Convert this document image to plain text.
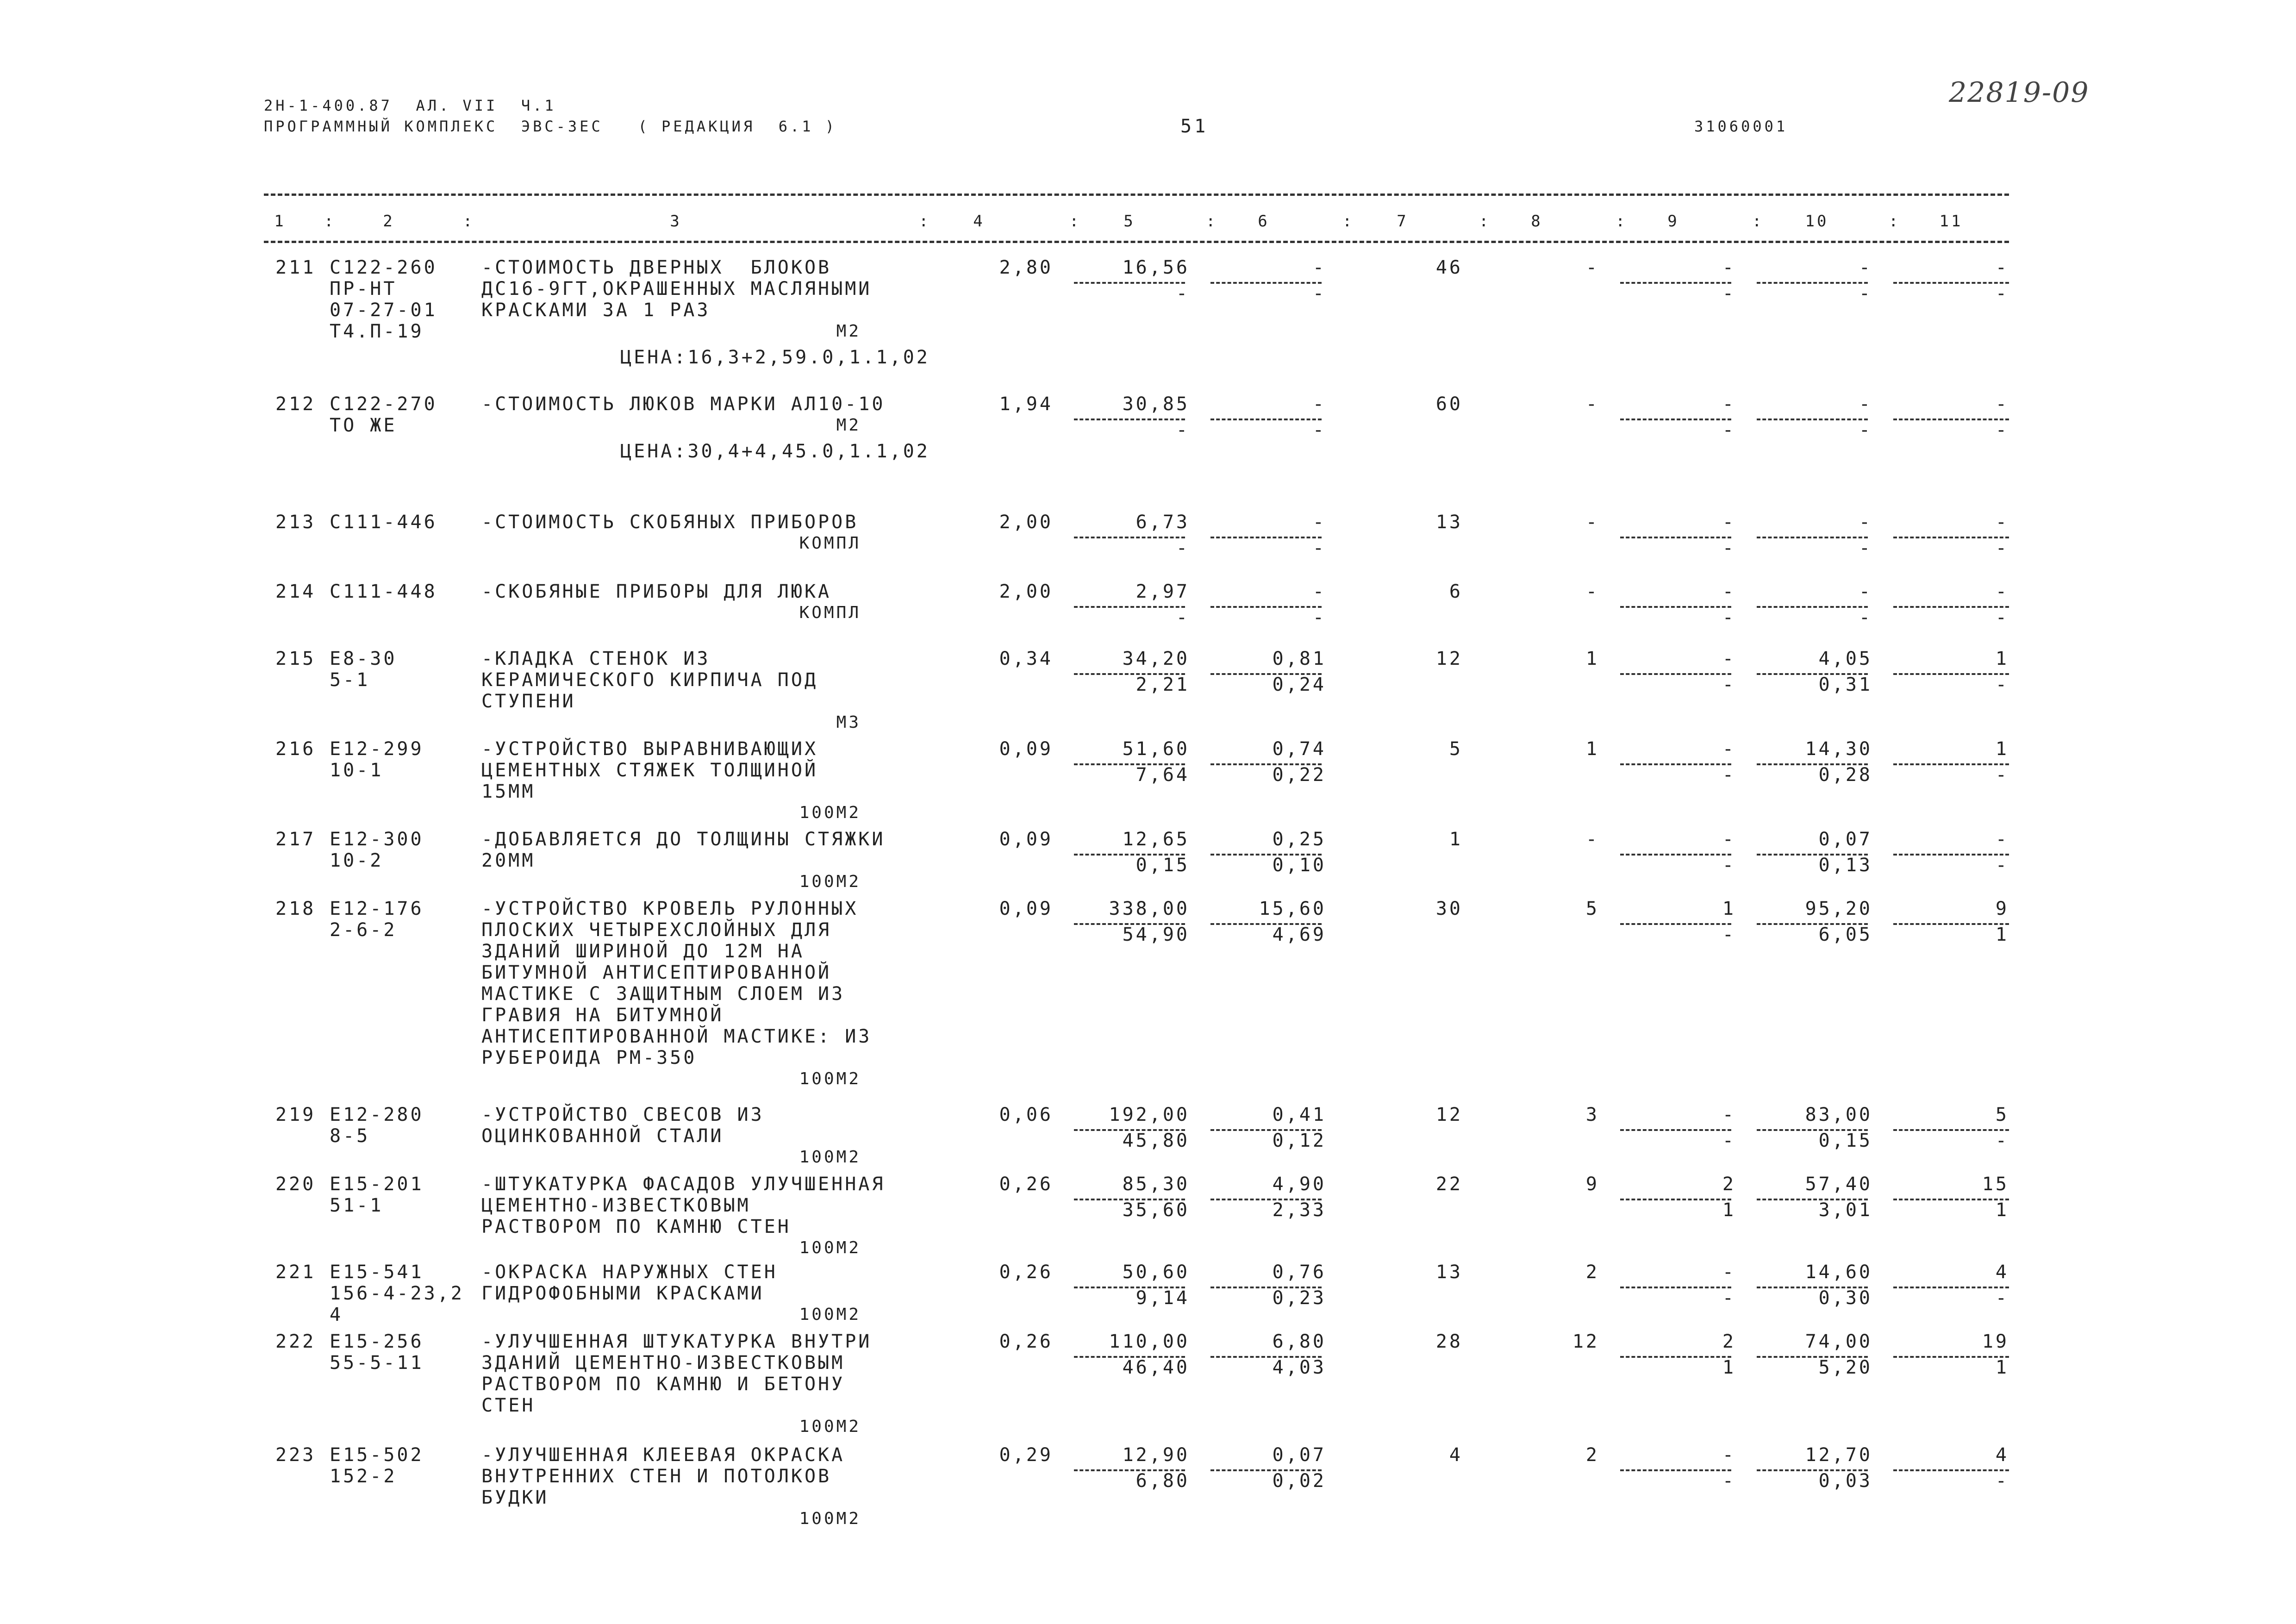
2Н-1-400.87  АЛ. VII  Ч.1
ПРОГРАММНЫЙ КОМПЛЕКС  ЭВС-ЗЕС   ( РЕДАКЦИЯ  6.1 )	51	31060001
22819-09
1	2	3	4	5	6	7	8	9	10	11
:	:	:	:	:	:	:	:	:	:
211 С122-260
ПР-НТ
07-27-01
Т4.П-19
-СТОИМОСТЬ ДВЕРНЫХ  БЛОКОВ
ДС16-9ГТ,ОКРАШЕННЫХ МАСЛЯНЫМИ
КРАСКАМИ ЗА 1 РАЗ
М2
ЦЕНА:16,3+2,59.0,1.1,02
2,80	16,56	-	46	-	-	-	-
-	-	-	-	-
212 С122-270
ТО ЖЕ
-СТОИМОСТЬ ЛЮКОВ МАРКИ АЛ10-10
М2
ЦЕНА:30,4+4,45.0,1.1,02
1,94	30,85	-	60	-	-	-	-
-	-	-	-	-
213 С111-446 -СТОИМОСТЬ СКОБЯНЫХ ПРИБОРОВ
КОМПЛ
2,00	6,73	-	13	-	-	-	-
-	-	-	-	-
214 С111-448 -СКОБЯНЫЕ ПРИБОРЫ ДЛЯ ЛЮКА
КОМПЛ
2,00	2,97	-	6	-	-	-	-
-	-	-	-	-
215 Е8-30
5-1
-КЛАДКА СТЕНОК ИЗ
КЕРАМИЧЕСКОГО КИРПИЧА ПОД
СТУПЕНИ
М3
0,34	34,20	0,81	12	1	-	4,05	1
2,21	0,24	-	0,31	-
216 Е12-299
10-1
-УСТРОЙСТВО ВЫРАВНИВАЮЩИХ
ЦЕМЕНТНЫХ СТЯЖЕК ТОЛЩИНОЙ
15ММ
100М2
0,09	51,60	0,74	5	1	-	14,30	1
7,64	0,22	-	0,28	-
217 Е12-300
10-2
-ДОБАВЛЯЕТСЯ ДО ТОЛЩИНЫ СТЯЖКИ
20ММ
100М2
0,09	12,65	0,25	1	-	-	0,07	-
0,15	0,10	-	0,13	-
218 Е12-176
2-6-2
-УСТРОЙСТВО КРОВЕЛЬ РУЛОННЫХ
ПЛОСКИХ ЧЕТЫРЕХСЛОЙНЫХ ДЛЯ
ЗДАНИЙ ШИРИНОЙ ДО 12М НА
БИТУМНОЙ АНТИСЕПТИРОВАННОЙ
МАСТИКЕ С ЗАЩИТНЫМ СЛОЕМ ИЗ
ГРАВИЯ НА БИТУМНОЙ
АНТИСЕПТИРОВАННОЙ МАСТИКЕ: ИЗ
РУБЕРОИДА РМ-350
100М2
0,09	338,00	15,60	30	5	1	95,20	9
54,90	4,69	-	6,05	1
219 Е12-280
8-5
-УСТРОЙСТВО СВЕСОВ ИЗ
ОЦИНКОВАННОЙ СТАЛИ
100М2
0,06	192,00	0,41	12	3	-	83,00	5
45,80	0,12	-	0,15	-
220 Е15-201
51-1
-ШТУКАТУРКА ФАСАДОВ УЛУЧШЕННАЯ
ЦЕМЕНТНО-ИЗВЕСТКОВЫМ
РАСТВОРОМ ПО КАМНЮ СТЕН
100М2
0,26	85,30	4,90	22	9	2	57,40	15
35,60	2,33	1	3,01	1
221 Е15-541
156-4-23,2
4
-ОКРАСКА НАРУЖНЫХ СТЕН
ГИДРОФОБНЫМИ КРАСКАМИ
100М2
0,26	50,60	0,76	13	2	-	14,60	4
9,14	0,23	-	0,30	-
222 Е15-256
55-5-11
-УЛУЧШЕННАЯ ШТУКАТУРКА ВНУТРИ
ЗДАНИЙ ЦЕМЕНТНО-ИЗВЕСТКОВЫМ
РАСТВОРОМ ПО КАМНЮ И БЕТОНУ
СТЕН
100М2
0,26	110,00	6,80	28	12	2	74,00	19
46,40	4,03	1	5,20	1
223 Е15-502
152-2
-УЛУЧШЕННАЯ КЛЕЕВАЯ ОКРАСКА
ВНУТРЕННИХ СТЕН И ПОТОЛКОВ
БУДКИ
100М2
0,29	12,90	0,07	4	2	-	12,70	4
6,80	0,02	-	0,03	-
